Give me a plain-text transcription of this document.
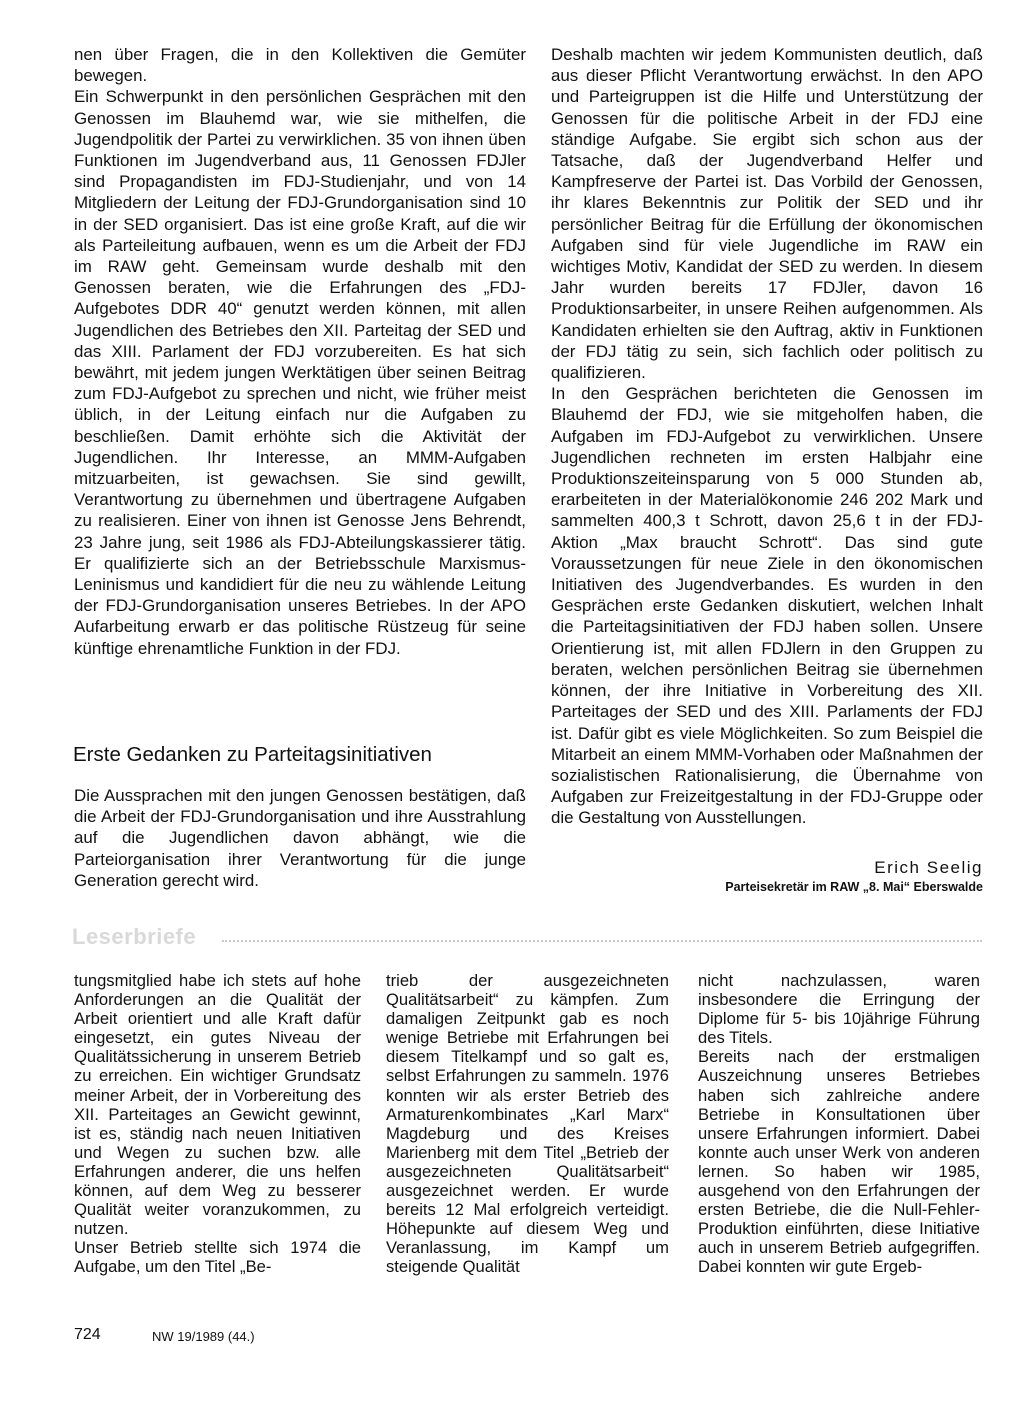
nen über Fragen, die in den Kollektiven die Gemüter bewegen.

Ein Schwerpunkt in den persönlichen Gesprächen mit den Genossen im Blauhemd war, wie sie mithelfen, die Jugendpolitik der Partei zu verwirklichen. 35 von ihnen üben Funktionen im Jugendverband aus, 11 Genossen FDJler sind Propagandisten im FDJ-Studienjahr, und von 14 Mitgliedern der Leitung der FDJ-Grundorganisation sind 10 in der SED organisiert. Das ist eine große Kraft, auf die wir als Parteileitung aufbauen, wenn es um die Arbeit der FDJ im RAW geht. Gemeinsam wurde deshalb mit den Genossen beraten, wie die Erfahrungen des „FDJ-Aufgebotes DDR 40“ genutzt werden können, mit allen Jugendlichen des Betriebes den XII. Parteitag der SED und das XIII. Parlament der FDJ vorzubereiten. Es hat sich bewährt, mit jedem jungen Werktätigen über seinen Beitrag zum FDJ-Aufgebot zu sprechen und nicht, wie früher meist üblich, in der Leitung einfach nur die Aufgaben zu beschließen. Damit erhöhte sich die Aktivität der Jugendlichen. Ihr Interesse, an MMM-Aufgaben mitzuarbeiten, ist gewachsen. Sie sind gewillt, Verantwortung zu übernehmen und übertragene Aufgaben zu realisieren. Einer von ihnen ist Genosse Jens Behrendt, 23 Jahre jung, seit 1986 als FDJ-Abteilungskassierer tätig. Er qualifizierte sich an der Betriebsschule Marxismus-Leninismus und kandidiert für die neu zu wählende Leitung der FDJ-Grundorganisation unseres Betriebes. In der APO Aufarbeitung erwarb er das politische Rüstzeug für seine künftige ehrenamtliche Funktion in der FDJ.

Erste Gedanken zu Parteitagsinitiativen

Die Aussprachen mit den jungen Genossen bestätigen, daß die Arbeit der FDJ-Grundorganisation und ihre Ausstrahlung auf die Jugendlichen davon abhängt, wie die Parteiorganisation ihrer Verantwortung für die junge Generation gerecht wird.

Deshalb machten wir jedem Kommunisten deutlich, daß aus dieser Pflicht Verantwortung erwächst. In den APO und Parteigruppen ist die Hilfe und Unterstützung der Genossen für die politische Arbeit in der FDJ eine ständige Aufgabe. Sie ergibt sich schon aus der Tatsache, daß der Jugendverband Helfer und Kampfreserve der Partei ist. Das Vorbild der Genossen, ihr klares Bekenntnis zur Politik der SED und ihr persönlicher Beitrag für die Erfüllung der ökonomischen Aufgaben sind für viele Jugendliche im RAW ein wichtiges Motiv, Kandidat der SED zu werden. In diesem Jahr wurden bereits 17 FDJler, davon 16 Produktionsarbeiter, in unsere Reihen aufgenommen. Als Kandidaten erhielten sie den Auftrag, aktiv in Funktionen der FDJ tätig zu sein, sich fachlich oder politisch zu qualifizieren.

In den Gesprächen berichteten die Genossen im Blauhemd der FDJ, wie sie mitgeholfen haben, die Aufgaben im FDJ-Aufgebot zu verwirklichen. Unsere Jugendlichen rechneten im ersten Halbjahr eine Produktionszeiteinsparung von 5 000 Stunden ab, erarbeiteten in der Materialökonomie 246 202 Mark und sammelten 400,3 t Schrott, davon 25,6 t in der FDJ-Aktion „Max braucht Schrott“. Das sind gute Voraussetzungen für neue Ziele in den ökonomischen Initiativen des Jugendverbandes. Es wurden in den Gesprächen erste Gedanken diskutiert, welchen Inhalt die Parteitagsinitiativen der FDJ haben sollen. Unsere Orientierung ist, mit allen FDJlern in den Gruppen zu beraten, welchen persönlichen Beitrag sie übernehmen können, der ihre Initiative in Vorbereitung des XII. Parteitages der SED und des XIII. Parlaments der FDJ ist. Dafür gibt es viele Möglichkeiten. So zum Beispiel die Mitarbeit an einem MMM-Vorhaben oder Maßnahmen der sozialistischen Rationalisierung, die Übernahme von Aufgaben zur Freizeitgestaltung in der FDJ-Gruppe oder die Gestaltung von Ausstellungen.

Erich Seelig
Parteisekretär im RAW „8. Mai“ Eberswalde
Leserbriefe

tungsmitglied habe ich stets auf hohe Anforderungen an die Qualität der Arbeit orientiert und alle Kraft dafür eingesetzt, ein gutes Niveau der Qualitätssicherung in unserem Betrieb zu erreichen. Ein wichtiger Grundsatz meiner Arbeit, der in Vorbereitung des XII. Parteitages an Gewicht gewinnt, ist es, ständig nach neuen Initiativen und Wegen zu suchen bzw. alle Erfahrungen anderer, die uns helfen können, auf dem Weg zu besserer Qualität weiter voranzukommen, zu nutzen.

Unser Betrieb stellte sich 1974 die Aufgabe, um den Titel „Be-

trieb der ausgezeichneten Qualitätsarbeit“ zu kämpfen. Zum damaligen Zeitpunkt gab es noch wenige Betriebe mit Erfahrungen bei diesem Titelkampf und so galt es, selbst Erfahrungen zu sammeln. 1976 konnten wir als erster Betrieb des Armaturenkombinates „Karl Marx“ Magdeburg und des Kreises Marienberg mit dem Titel „Betrieb der ausgezeichneten Qualitätsarbeit“ ausgezeichnet werden. Er wurde bereits 12 Mal erfolgreich verteidigt. Höhepunkte auf diesem Weg und Veranlassung, im Kampf um steigende Qualität

nicht nachzulassen, waren insbesondere die Erringung der Diplome für 5- bis 10jährige Führung des Titels.

Bereits nach der erstmaligen Auszeichnung unseres Betriebes haben sich zahlreiche andere Betriebe in Konsultationen über unsere Erfahrungen informiert. Dabei konnte auch unser Werk von anderen lernen. So haben wir 1985, ausgehend von den Erfahrungen der ersten Betriebe, die die Null-Fehler-Produktion einführten, diese Initiative auch in unserem Betrieb aufgegriffen. Dabei konnten wir gute Ergeb-

724	NW 19/1989 (44.)
